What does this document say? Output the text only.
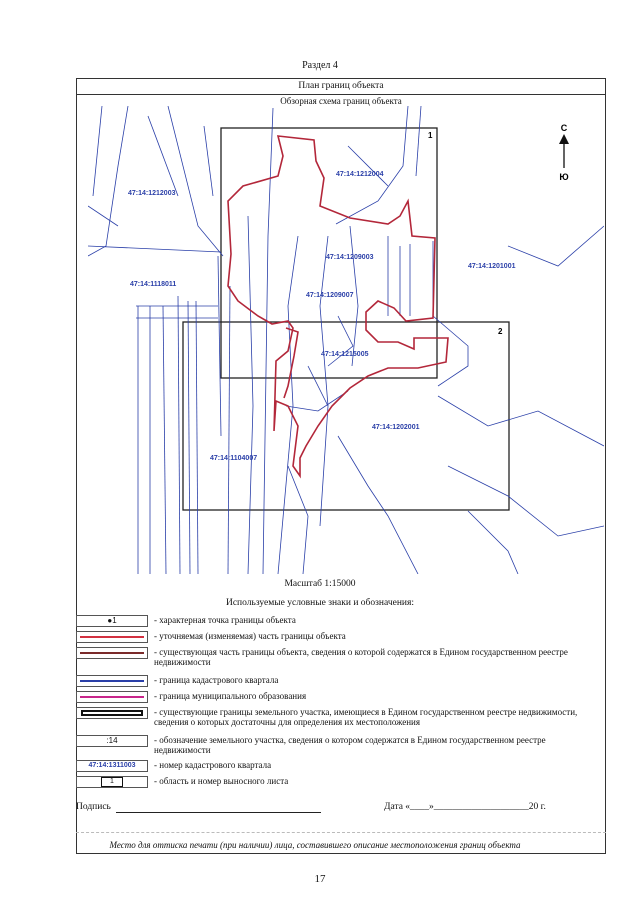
Раздел 4
План границ объекта
Обзорная схема границ объекта
1
2
47:14:1212003
47:14:1212004
47:14:1209003
47:14:1201001
47:14:1118011
47:14:1209007
47:14:1215005
47:14:1202001
47:14:1104007
С
Ю
Масштаб 1:15000
Используемые условные знаки и обозначения:
●1	- характерная точка границы объекта
- уточняемая (изменяемая) часть границы объекта
- существующая часть границы объекта, сведения о которой содержатся в Едином государственном реестре недвижимости
- граница кадастрового квартала
- граница муниципального образования
- существующие границы земельного участка, имеющиеся в Едином государственном реестре недвижимости, сведения о которых достаточны для определения их местоположения
:14	- обозначение земельного участка, сведения о котором содержатся в Едином государственном реестре недвижимости
47:14:1311003 - номер кадастрового квартала
1	- область и номер выносного листа
Подпись	Дата «____»____________________20 г.
Место для оттиска печати (при наличии) лица, составившего описание местоположения границ объекта
17
